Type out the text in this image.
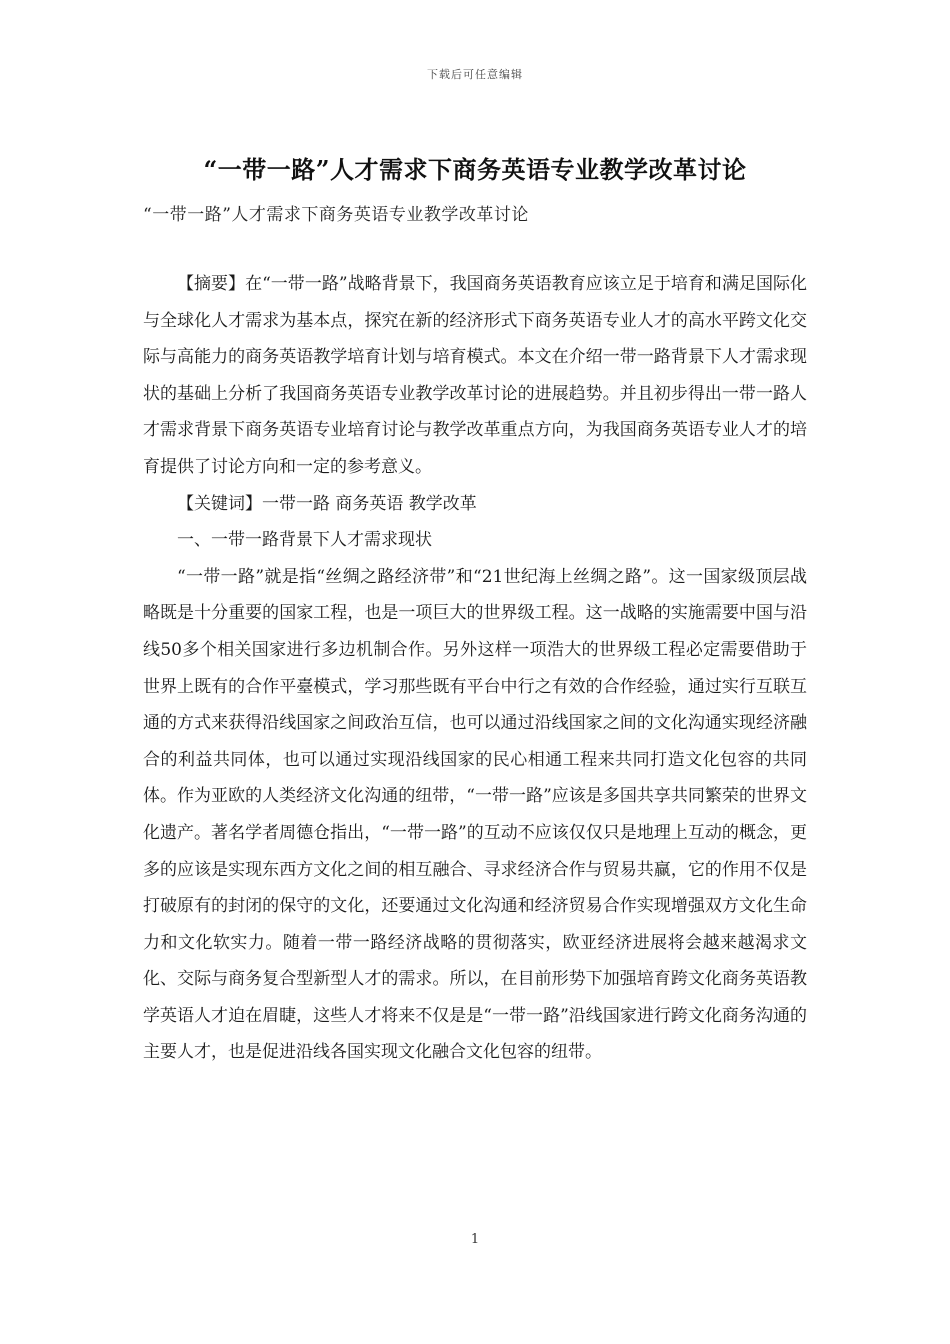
下载后可任意编辑
“一带一路”人才需求下商务英语专业教学改革讨论
“一带一路”人才需求下商务英语专业教学改革讨论

【摘要】在“一带一路”战略背景下，我国商务英语教育应该立足于培育和满足国际化与全球化人才需求为基本点，探究在新的经济形式下商务英语专业人才的高水平跨文化交际与高能力的商务英语教学培育计划与培育模式。本文在介绍一带一路背景下人才需求现状的基础上分析了我国商务英语专业教学改革讨论的进展趋势。并且初步得出一带一路人才需求背景下商务英语专业培育讨论与教学改革重点方向，为我国商务英语专业人才的培育提供了讨论方向和一定的参考意义。

【关键词】一带一路 商务英语 教学改革

一、一带一路背景下人才需求现状

“一带一路”就是指“丝绸之路经济带”和“21世纪海上丝绸之路”。这一国家级顶层战略既是十分重要的国家工程，也是一项巨大的世界级工程。这一战略的实施需要中国与沿线50多个相关国家进行多边机制合作。另外这样一项浩大的世界级工程必定需要借助于世界上既有的合作平臺模式，学习那些既有平台中行之有效的合作经验，通过实行互联互通的方式来获得沿线国家之间政治互信，也可以通过沿线国家之间的文化沟通实现经济融合的利益共同体，也可以通过实现沿线国家的民心相通工程来共同打造文化包容的共同体。作为亚欧的人类经济文化沟通的纽带，“一带一路”应该是多国共享共同繁荣的世界文化遗产。著名学者周德仓指出，“一带一路”的互动不应该仅仅只是地理上互动的概念，更多的应该是实现东西方文化之间的相互融合、寻求经济合作与贸易共赢，它的作用不仅是打破原有的封闭的保守的文化，还要通过文化沟通和经济贸易合作实现增强双方文化生命力和文化软实力。随着一带一路经济战略的贯彻落实，欧亚经济进展将会越来越渴求文化、交际与商务复合型新型人才的需求。所以，在目前形势下加强培育跨文化商务英语教学英语人才迫在眉睫，这些人才将来不仅是是“一带一路”沿线国家进行跨文化商务沟通的主要人才，也是促进沿线各国实现文化融合文化包容的纽带。

1
